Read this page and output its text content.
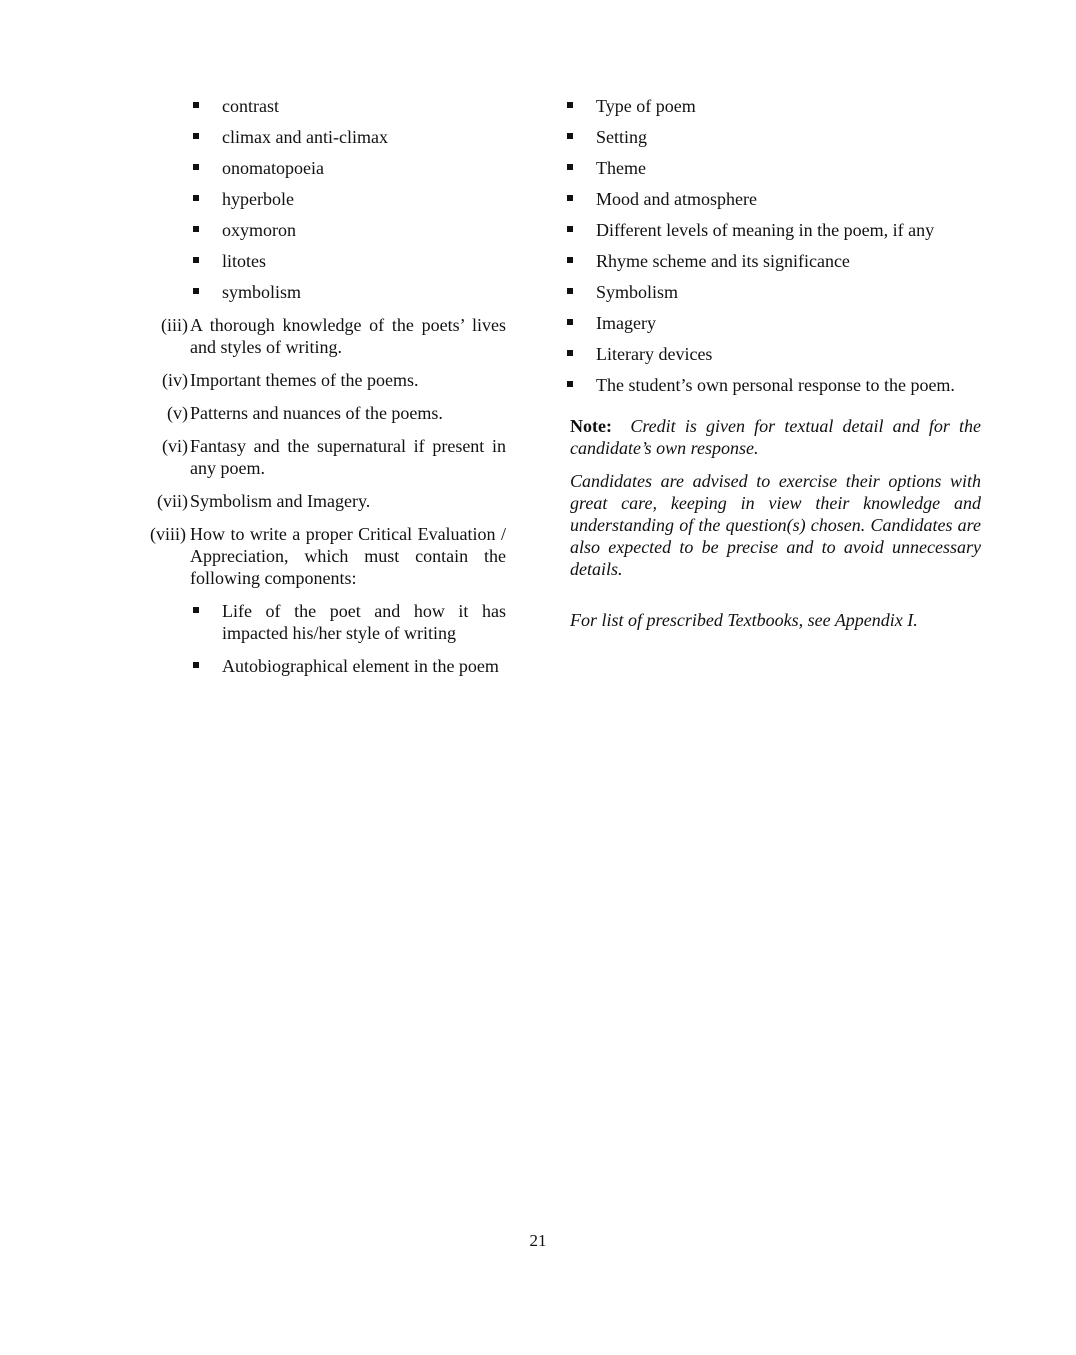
contrast
climax and anti-climax
onomatopoeia
hyperbole
oxymoron
litotes
symbolism
(iii) A thorough knowledge of the poets’ lives and styles of writing.
(iv) Important themes of the poems.
(v) Patterns and nuances of the poems.
(vi) Fantasy and the supernatural if present in any poem.
(vii) Symbolism and Imagery.
(viii) How to write a proper Critical Evaluation / Appreciation, which must contain the following components:
Life of the poet and how it has impacted his/her style of writing
Autobiographical element in the poem
Type of poem
Setting
Theme
Mood and atmosphere
Different levels of meaning in the poem, if any
Rhyme scheme and its significance
Symbolism
Imagery
Literary devices
The student’s own personal response to the poem.

Note: Credit is given for textual detail and for the candidate’s own response.

Candidates are advised to exercise their options with great care, keeping in view their knowledge and understanding of the question(s) chosen. Candidates are also expected to be precise and to avoid unnecessary details.

For list of prescribed Textbooks, see Appendix I.

21
